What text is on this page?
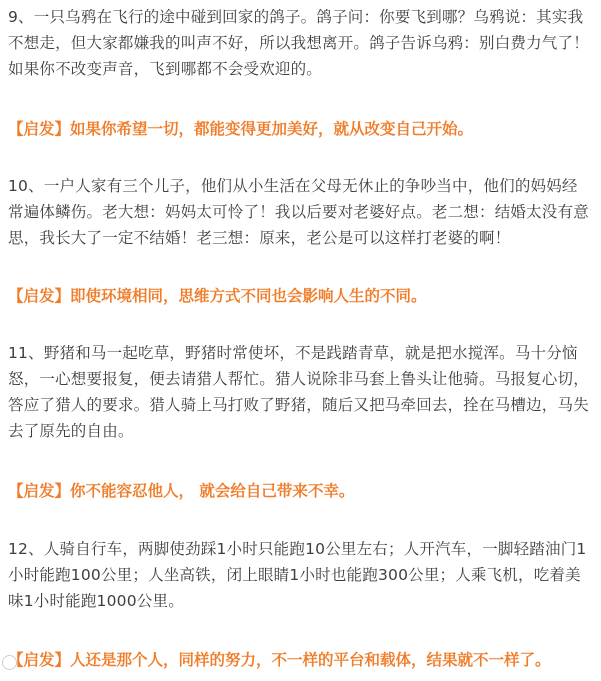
9、一只乌鸦在飞行的途中碰到回家的鸽子。鸽子问：你要飞到哪？乌鸦说：其实我
不想走，但大家都嫌我的叫声不好，所以我想离开。鸽子告诉乌鸦：别白费力气了！
如果你不改变声音，飞到哪都不会受欢迎的。

【启发】如果你希望一切，都能变得更加美好，就从改变自己开始。

10、一户人家有三个儿子，他们从小生活在父母无休止的争吵当中，他们的妈妈经
常遍体鳞伤。老大想：妈妈太可怜了！我以后要对老婆好点。老二想：结婚太没有意
思，我长大了一定不结婚！老三想：原来，老公是可以这样打老婆的啊！

【启发】即使环境相同，思维方式不同也会影响人生的不同。

11、野猪和马一起吃草，野猪时常使坏，不是践踏青草，就是把水搅浑。马十分恼
怒，一心想要报复，便去请猎人帮忙。猎人说除非马套上鲁头让他骑。马报复心切，
答应了猎人的要求。猎人骑上马打败了野猪，随后又把马牵回去，拴在马槽边，马失
去了原先的自由。

【启发】你不能容忍他人， 就会给自己带来不幸。

12、人骑自行车，两脚使劲踩1小时只能跑10公里左右；人开汽车，一脚轻踏油门1
小时能跑100公里；人坐高铁，闭上眼睛1小时也能跑300公里；人乘飞机，吃着美
味1小时能跑1000公里。

【启发】人还是那个人，同样的努力，不一样的平台和载体，结果就不一样了。
